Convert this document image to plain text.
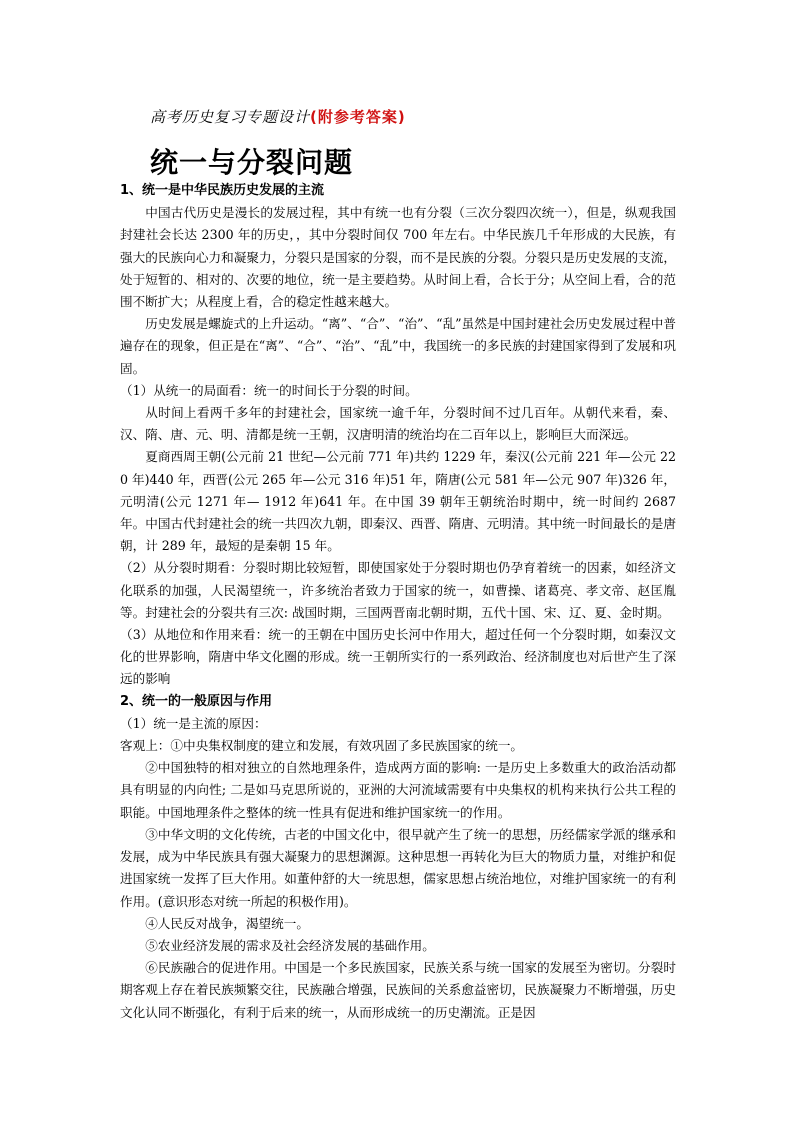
高考历史复习专题设计(附参考答案)
统一与分裂问题
1、统一是中华民族历史发展的主流

中国古代历史是漫长的发展过程，其中有统一也有分裂（三次分裂四次统一），但是，纵观我国封建社会长达 2300 年的历史，，其中分裂时间仅 700 年左右。中华民族几千年形成的大民族，有强大的民族向心力和凝聚力，分裂只是国家的分裂，而不是民族的分裂。分裂只是历史发展的支流，处于短暂的、相对的、次要的地位，统一是主要趋势。从时间上看，合长于分；从空间上看，合的范围不断扩大；从程度上看，合的稳定性越来越大。

历史发展是螺旋式的上升运动。“离”、“合”、“治”、“乱”虽然是中国封建社会历史发展过程中普遍存在的现象，但正是在“离”、“合”、“治”、“乱”中，我国统一的多民族的封建国家得到了发展和巩固。

（1）从统一的局面看：统一的时间长于分裂的时间。

从时间上看两千多年的封建社会，国家统一逾千年，分裂时间不过几百年。从朝代来看，秦、汉、隋、唐、元、明、清都是统一王朝，汉唐明清的统治均在二百年以上，影响巨大而深远。

夏商西周王朝(公元前 21 世纪—公元前 771 年)共约 1229 年，秦汉(公元前 221 年—公元 220 年)440 年，西晋(公元 265 年—公元 316 年)51 年，隋唐(公元 581 年—公元 907 年)326 年，元明清(公元 1271 年— 1912 年)641 年。在中国 39 朝年王朝统治时期中，统一时间约 2687 年。中国古代封建社会的统一共四次九朝，即秦汉、西晋、隋唐、元明清。其中统一时间最长的是唐朝，计 289 年，最短的是秦朝 15 年。

（2）从分裂时期看：分裂时期比较短暂，即使国家处于分裂时期也仍孕育着统一的因素，如经济文化联系的加强，人民渴望统一，许多统治者致力于国家的统一，如曹操、诸葛亮、孝文帝、赵匡胤等。封建社会的分裂共有三次: 战国时期，三国两晋南北朝时期，五代十国、宋、辽、夏、金时期。

（3）从地位和作用来看：统一的王朝在中国历史长河中作用大，超过任何一个分裂时期，如秦汉文化的世界影响，隋唐中华文化圈的形成。统一王朝所实行的一系列政治、经济制度也对后世产生了深远的影响

2、统一的一般原因与作用

（1）统一是主流的原因：

客观上：①中央集权制度的建立和发展，有效巩固了多民族国家的统一。

②中国独特的相对独立的自然地理条件，造成两方面的影响: 一是历史上多数重大的政治活动都具有明显的内向性; 二是如马克思所说的，亚洲的大河流域需要有中央集权的机构来执行公共工程的职能。中国地理条件之整体的统一性具有促进和维护国家统一的作用。

③中华文明的文化传统，古老的中国文化中，很早就产生了统一的思想，历经儒家学派的继承和发展，成为中华民族具有强大凝聚力的思想渊源。这种思想一再转化为巨大的物质力量，对维护和促进国家统一发挥了巨大作用。如董仲舒的大一统思想，儒家思想占统治地位，对维护国家统一的有利作用。(意识形态对统一所起的积极作用)。

④人民反对战争，渴望统一。

⑤农业经济发展的需求及社会经济发展的基础作用。

⑥民族融合的促进作用。中国是一个多民族国家，民族关系与统一国家的发展至为密切。分裂时期客观上存在着民族频繁交往，民族融合增强，民族间的关系愈益密切，民族凝聚力不断增强，历史文化认同不断强化，有利于后来的统一，从而形成统一的历史潮流。正是因
